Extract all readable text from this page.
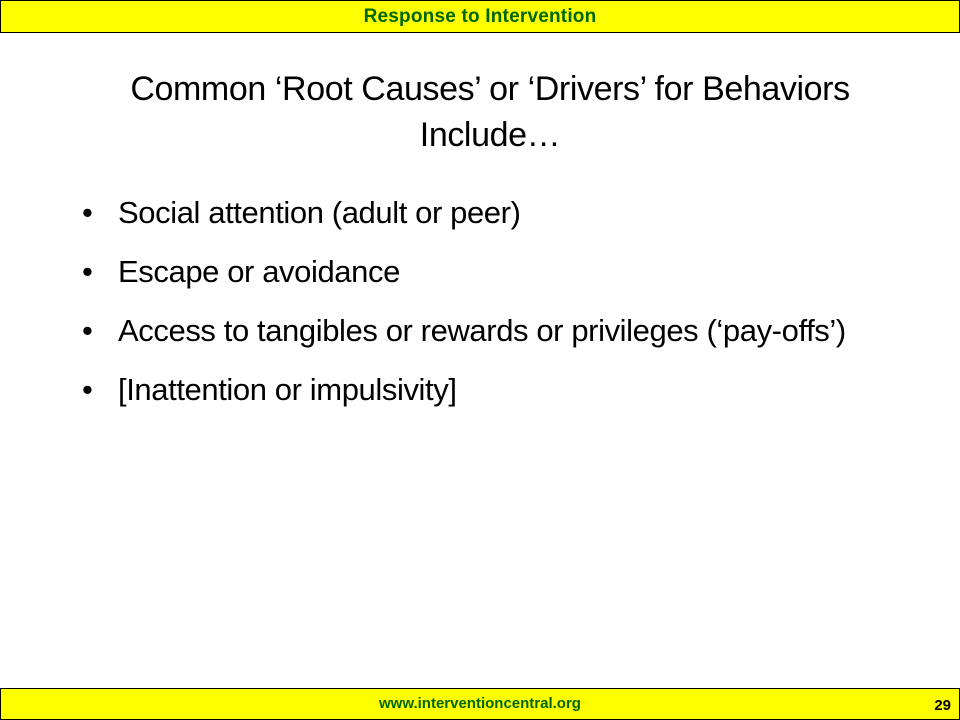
Response to Intervention
Common ‘Root Causes’ or ‘Drivers’ for Behaviors Include…
• Social attention (adult or peer)
• Escape or avoidance
• Access to tangibles or rewards or privileges (‘pay-offs’)
• [Inattention or impulsivity]
www.interventioncentral.org	29
